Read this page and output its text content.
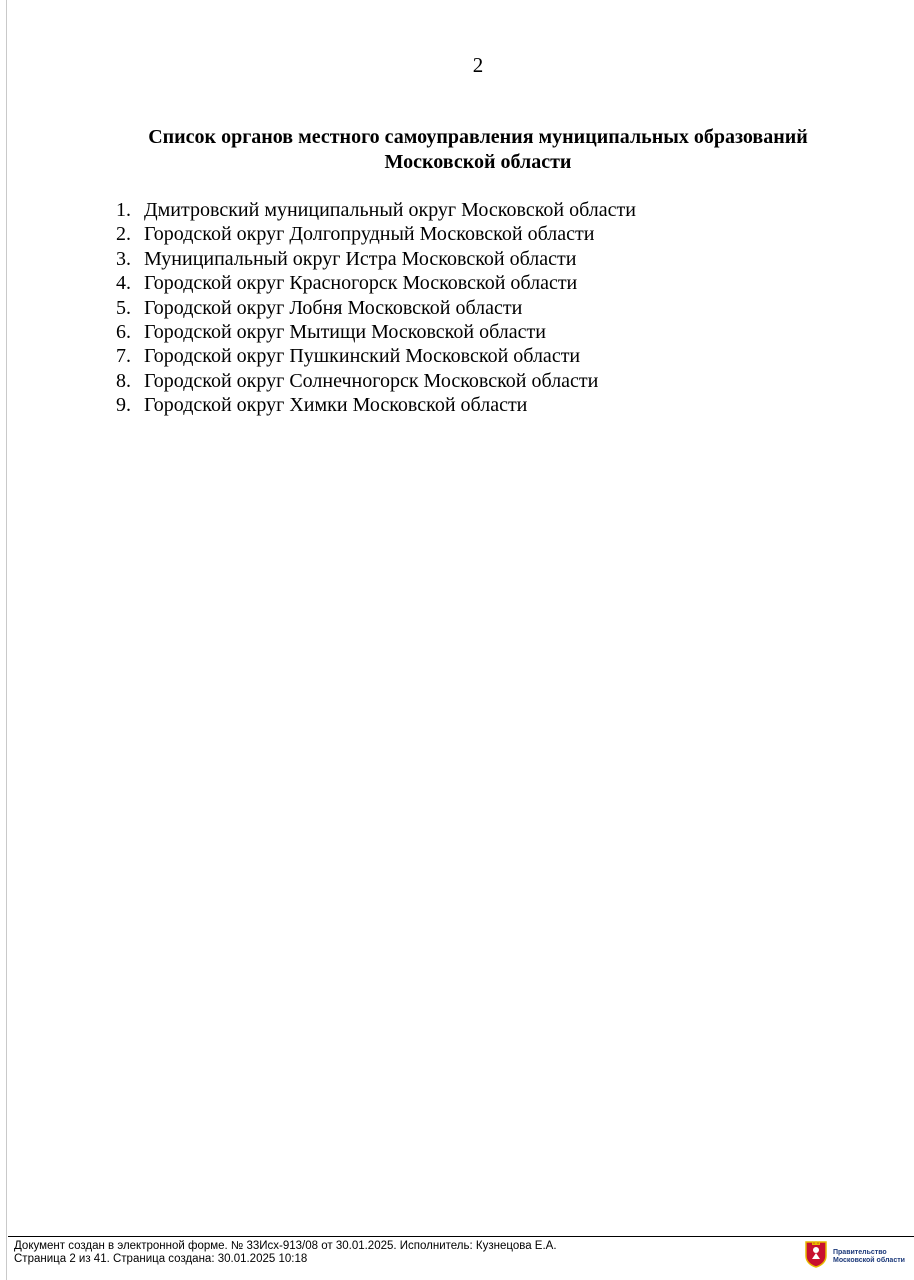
2
Список органов местного самоуправления муниципальных образований
Московской области
1. Дмитровский муниципальный округ Московской области
2. Городской округ Долгопрудный Московской области
3. Муниципальный округ Истра Московской области
4. Городской округ Красногорск Московской области
5. Городской округ Лобня Московской области
6. Городской округ Мытищи Московской области
7. Городской округ Пушкинский Московской области
8. Городской округ Солнечногорск Московской области
9. Городской округ Химки Московской области
Документ создан в электронной форме. № 33Исх-913/08 от 30.01.2025. Исполнитель: Кузнецова Е.А.
Страница 2 из 41. Страница создана: 30.01.2025 10:18
Правительство
Московской области
